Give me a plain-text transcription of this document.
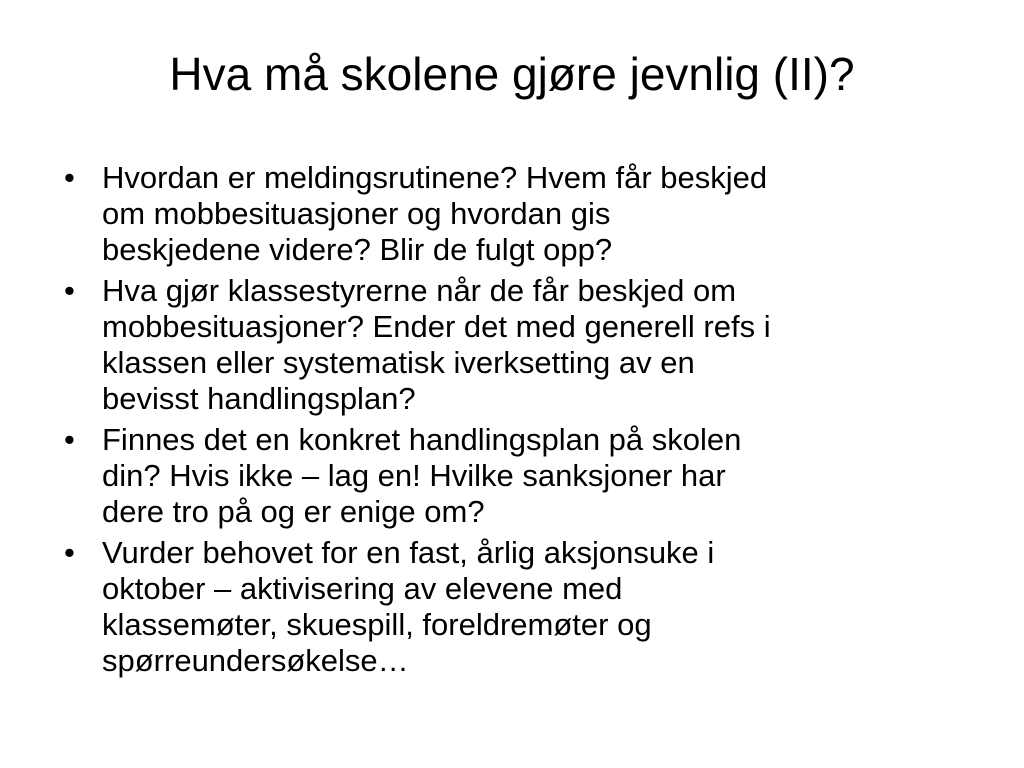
Hva må skolene gjøre jevnlig (II)?
• Hvordan er meldingsrutinene? Hvem får beskjed
om mobbesituasjoner og hvordan gis
beskjedene videre? Blir de fulgt opp?
• Hva gjør klassestyrerne når de får beskjed om
mobbesituasjoner? Ender det med generell refs i
klassen eller systematisk iverksetting av en
bevisst handlingsplan?
• Finnes det en konkret handlingsplan på skolen
din? Hvis ikke – lag en! Hvilke sanksjoner har
dere tro på og er enige om?
• Vurder behovet for en fast, årlig aksjonsuke i
oktober – aktivisering av elevene med
klassemøter, skuespill, foreldremøter og
spørreundersøkelse…
